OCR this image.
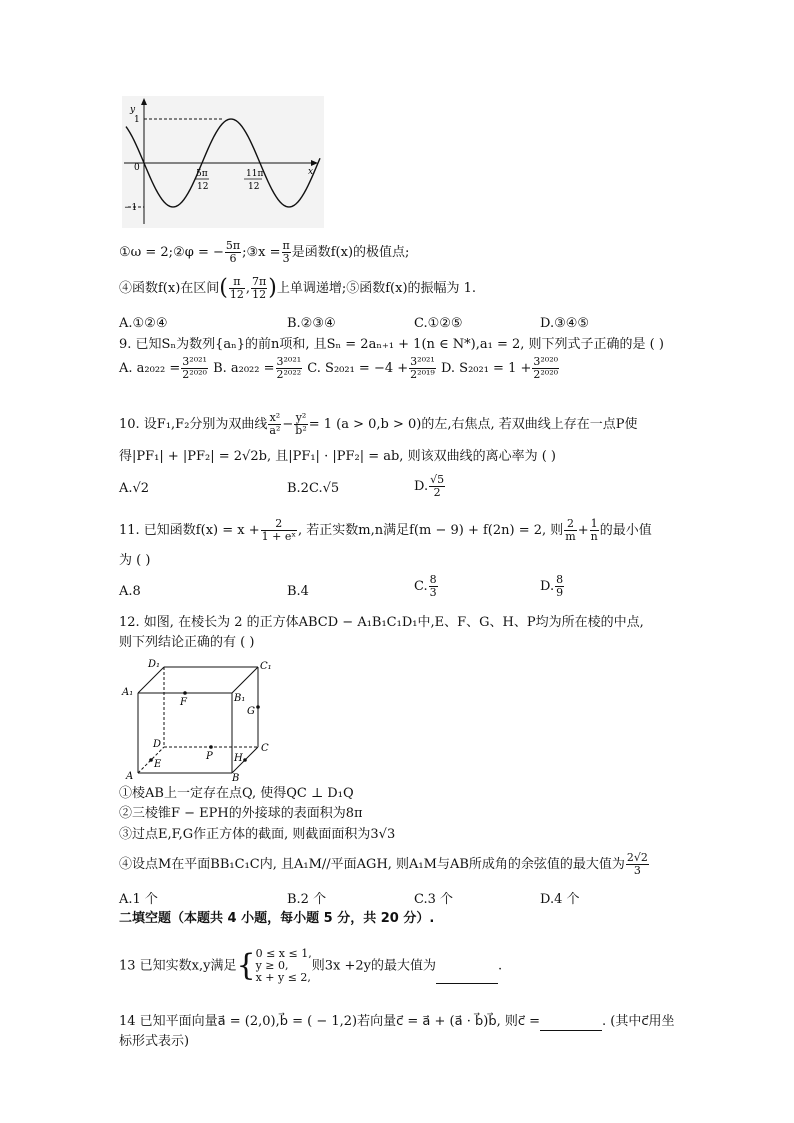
y
x
0
1
−1
5π
12
11π
12
①ω = 2;②φ = − $\frac{5\pi}{6}$ ;③x = $\frac{\pi}{3}$ 是函数f(x)的极值点;
④函数f(x)在区间( $\frac{\pi}{12}$ , $\frac{7\pi}{12}$ )上单调递增;⑤函数f(x)的振幅为 1.
A.①②④	B.②③④	C.①②⑤	D.③④⑤
9. 已知Sₙ为数列{aₙ}的前n项和, 且Sₙ = 2aₙ₊₁ + 1(n ∈ N*),a₁ = 2, 则下列式子正确的是 ( )
A. $a_{2022} = \frac{\text{3²⁰²¹}}{\text{2²⁰²⁰}} B$. $a_{2022} = \frac{\text{3²⁰²¹}}{\text{2²⁰²²}} C$. $S_{2021} = -4 + \frac{\text{3²⁰²¹}}{\text{2²⁰¹⁹}} D$. $S_{2021} = 1 + \frac{\text{3²⁰²⁰}}{\text{2²⁰²⁰}}$
10. 设F₁,F₂分别为双曲线 $\frac{\text{x²}}{\text{a²}} - \frac{\text{y²}}{\text{b²}} = 1$ (a > 0,b > 0)的左,右焦点, 若双曲线上存在一点P使
得|PF₁| + |PF₂| = 2√2b, 且|PF₁| · |PF₂| = ab, 则该双曲线的离心率为 ( )
A.√2	B.2C.√5	D. $\frac{√5}{2}$
11. 已知函数$f(x) = x + \frac{2}{\text{1 + eˣ}}$ , 若正实数m,n满足f(m − 9) + f(2n) = 2, 则 $\frac{2}{m} + \frac{1}{n}$ 的最小值
为 ( )
A.8	B.4	C. $\frac{8}{3}$	D. $\frac{8}{9}$
12. 如图, 在棱长为 2 的正方体ABCD − A₁B₁C₁D₁中,E、F、G、H、P均为所在棱的中点,
则下列结论正确的有 ( )
A	B
C
D
A₁
B₁
C₁
D₁
E
F
G
H
P
①棱AB上一定存在点Q, 使得QC ⊥ D₁Q
②三棱锥F − EPH的外接球的表面积为8π
③过点E,F,G作正方体的截面, 则截面面积为3√3
④设点M在平面BB₁C₁C内, 且A₁M//平面AGH, 则A₁M与AB所成角的余弦值的最大值为 $\frac{2√2}{3}$
A.1 个	B.2 个	C.3 个	D.4 个
二填空题（本题共 4 小题，每小题 5 分，共 20 分）.
13 已知实数x,y满足{ 0 ≤ x ≤ 1,
y ≥ 0,
x + y ≤ 2,
则3x +2y的最大值为	.
14 已知平面向量a⃗ = (2,0),b⃗ = ( − 1,2)若向量c⃗ = a⃗ + (a⃗ · b⃗)b⃗, 则c⃗ =	. (其中c⃗用坐
标形式表示)
